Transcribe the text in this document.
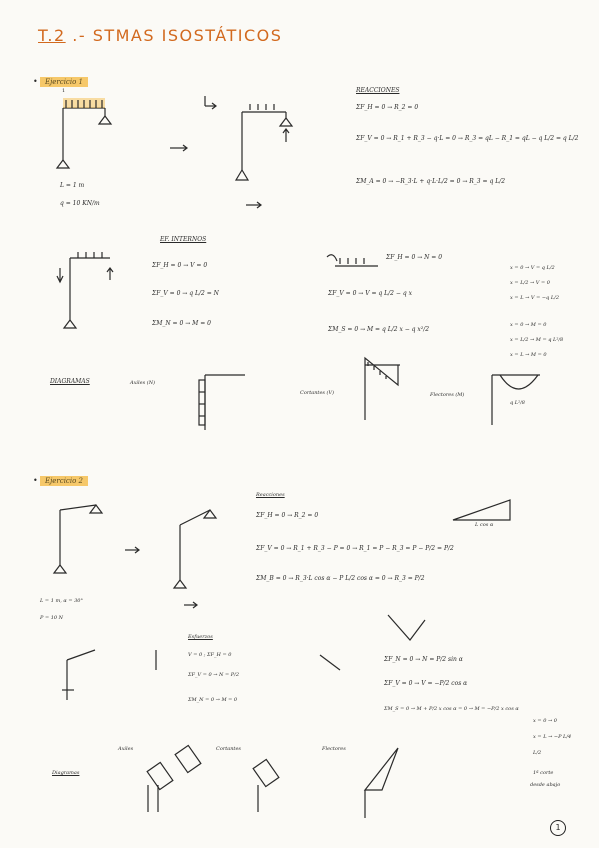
T.2 .- STMAS ISOSTÁTICOS
•	Ejercicio 1
1
L = 1 m
q = 10 KN/m
REACCIONES
ΣF_H = 0 → R_2 = 0
ΣF_V = 0 → R_1 + R_3 − q·L = 0 → R_3 = qL − R_1 = qL − q L/2 = q L/2
ΣM_A = 0 → −R_3·L + q·L·L/2 = 0 → R_3 = q L/2
EF. INTERNOS
ΣF_H = 0 → V = 0
ΣF_V = 0 → q L/2 = N
ΣM_N = 0 → M = 0
ΣF_H = 0 → N = 0
ΣF_V = 0 → V = q L/2 − q x
ΣM_S = 0 → M = q L/2 x − q x²/2
x = 0 → V = q L/2
x = L/2 → V = 0
x = L → V = −q L/2
x = 0 → M = 0
x = L/2 → M = q L²/8
x = L → M = 0
DIAGRAMAS	Axiles (N)
Cortantes (V)	Flectores (M)
q L²/8
•	Ejercicio 2
L = 1 m, α = 30°
P = 10 N
Reacciones
ΣF_H = 0 → R_2 = 0
ΣF_V = 0 → R_1 + R_3 − P = 0 → R_1 = P − R_3 = P − P/2 = P/2
ΣM_B = 0 → R_3·L cos α − P L/2 cos α = 0 → R_3 = P/2
L cos α
Esfuerzos
V = 0 ; ΣF_H = 0
ΣF_V = 0 → N = P/2
ΣM_N = 0 → M = 0
ΣF_N = 0 → N = P/2 sin α
ΣF_V = 0 → V = −P/2 cos α
ΣM_S = 0 → M + P/2 x cos α = 0 → M = −P/2 x cos α
x = 0 → 0
x = L → −P L/4
L/2
1ª corte
desde abajo
Diagramas
Axiles	Cortantes	Flectores
1
